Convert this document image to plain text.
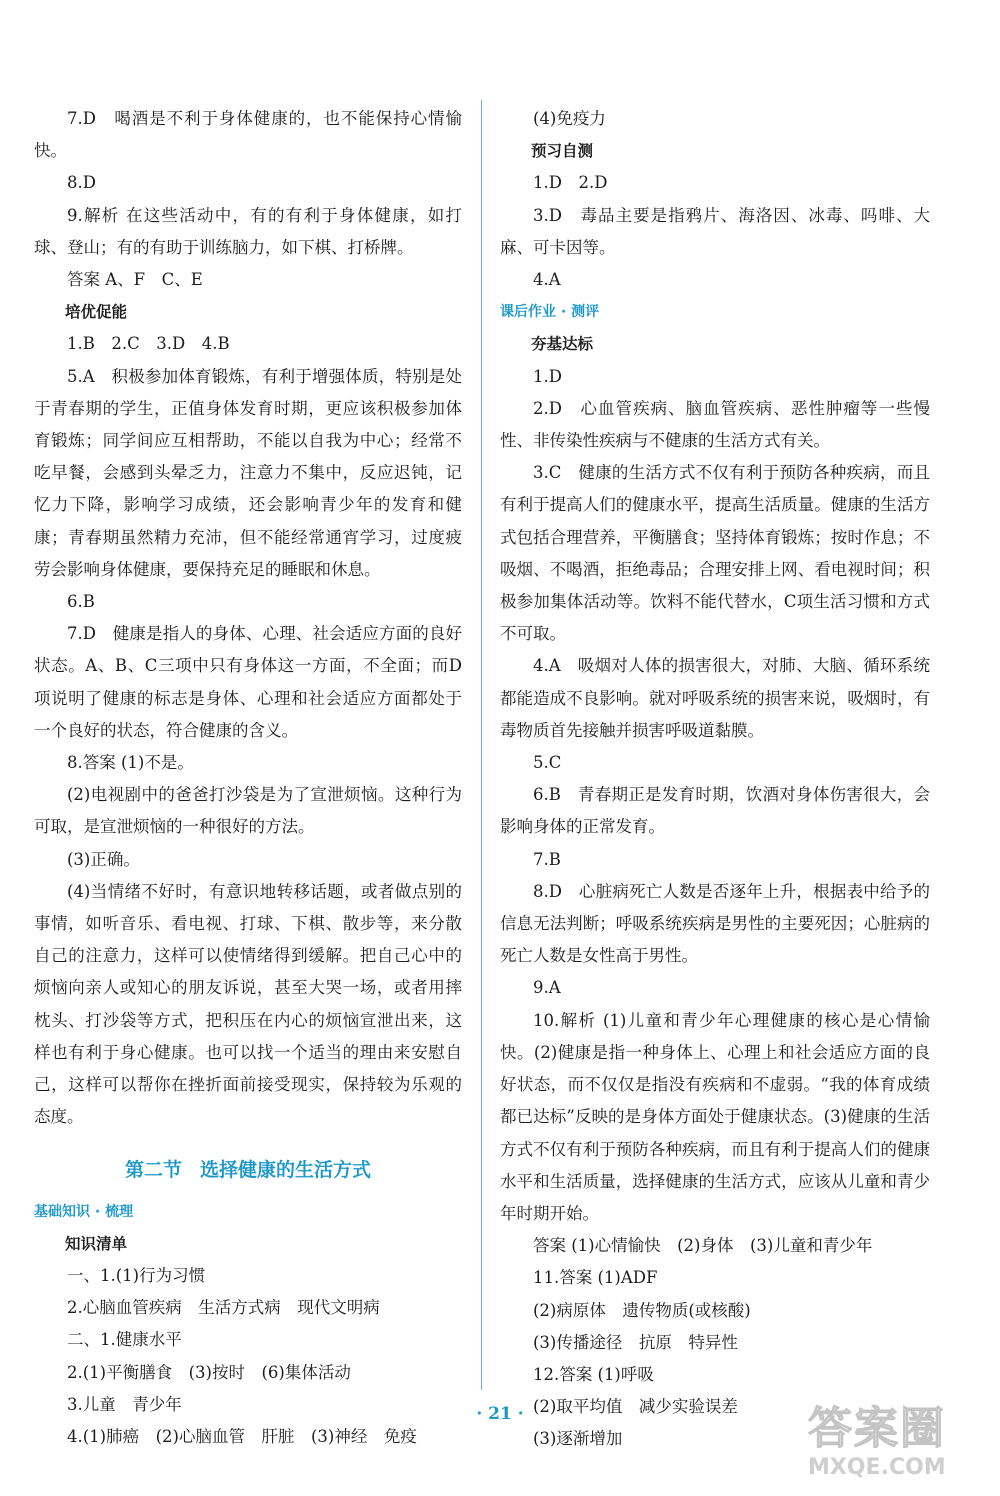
7.D　喝酒是不利于身体健康的，也不能保持心情愉快。

8.D

9.解析 在这些活动中，有的有利于身体健康，如打球、登山；有的有助于训练脑力，如下棋、打桥牌。

答案 A、F　C、E

培优促能

1.B　2.C　3.D　4.B

5.A　积极参加体育锻炼，有利于增强体质，特别是处于青春期的学生，正值身体发育时期，更应该积极参加体育锻炼；同学间应互相帮助，不能以自我为中心；经常不吃早餐，会感到头晕乏力，注意力不集中，反应迟钝，记忆力下降，影响学习成绩，还会影响青少年的发育和健康；青春期虽然精力充沛，但不能经常通宵学习，过度疲劳会影响身体健康，要保持充足的睡眠和休息。

6.B

7.D　健康是指人的身体、心理、社会适应方面的良好状态。A、B、C三项中只有身体这一方面，不全面；而D项说明了健康的标志是身体、心理和社会适应方面都处于一个良好的状态，符合健康的含义。

8.答案 (1)不是。

(2)电视剧中的爸爸打沙袋是为了宣泄烦恼。这种行为可取，是宣泄烦恼的一种很好的方法。

(3)正确。

(4)当情绪不好时，有意识地转移话题，或者做点别的事情，如听音乐、看电视、打球、下棋、散步等，来分散自己的注意力，这样可以使情绪得到缓解。把自己心中的烦恼向亲人或知心的朋友诉说，甚至大哭一场，或者用摔枕头、打沙袋等方式，把积压在内心的烦恼宣泄出来，这样也有利于身心健康。也可以找一个适当的理由来安慰自己，这样可以帮你在挫折面前接受现实，保持较为乐观的态度。

第二节 选择健康的生活方式

基础知识 · 梳理

知识清单

一、1.(1)行为习惯

2.心脑血管疾病　生活方式病　现代文明病

二、1.健康水平

2.(1)平衡膳食　(3)按时　(6)集体活动

3.儿童　青少年

4.(1)肺癌　(2)心脑血管　肝脏　(3)神经　免疫

(4)免疫力

预习自测

1.D　2.D

3.D　毒品主要是指鸦片、海洛因、冰毒、吗啡、大麻、可卡因等。

4.A

课后作业 · 测评

夯基达标

1.D

2.D　心血管疾病、脑血管疾病、恶性肿瘤等一些慢性、非传染性疾病与不健康的生活方式有关。

3.C　健康的生活方式不仅有利于预防各种疾病，而且有利于提高人们的健康水平，提高生活质量。健康的生活方式包括合理营养，平衡膳食；坚持体育锻炼；按时作息；不吸烟、不喝酒，拒绝毒品；合理安排上网、看电视时间；积极参加集体活动等。饮料不能代替水，C项生活习惯和方式不可取。

4.A　吸烟对人体的损害很大，对肺、大脑、循环系统都能造成不良影响。就对呼吸系统的损害来说，吸烟时，有毒物质首先接触并损害呼吸道黏膜。

5.C

6.B　青春期正是发育时期，饮酒对身体伤害很大，会影响身体的正常发育。

7.B

8.D　心脏病死亡人数是否逐年上升，根据表中给予的信息无法判断；呼吸系统疾病是男性的主要死因；心脏病的死亡人数是女性高于男性。

9.A

10.解析 (1)儿童和青少年心理健康的核心是心情愉快。(2)健康是指一种身体上、心理上和社会适应方面的良好状态，而不仅仅是指没有疾病和不虚弱。“我的体育成绩都已达标”反映的是身体方面处于健康状态。(3)健康的生活方式不仅有利于预防各种疾病，而且有利于提高人们的健康水平和生活质量，选择健康的生活方式，应该从儿童和青少年时期开始。

答案 (1)心情愉快　(2)身体　(3)儿童和青少年

11.答案 (1)ADF

(2)病原体　遗传物质(或核酸)

(3)传播途径　抗原　特异性

12.答案 (1)呼吸

(2)取平均值　减少实验误差

(3)逐渐增加

· 21 ·	答案圈
MXQE.COM
